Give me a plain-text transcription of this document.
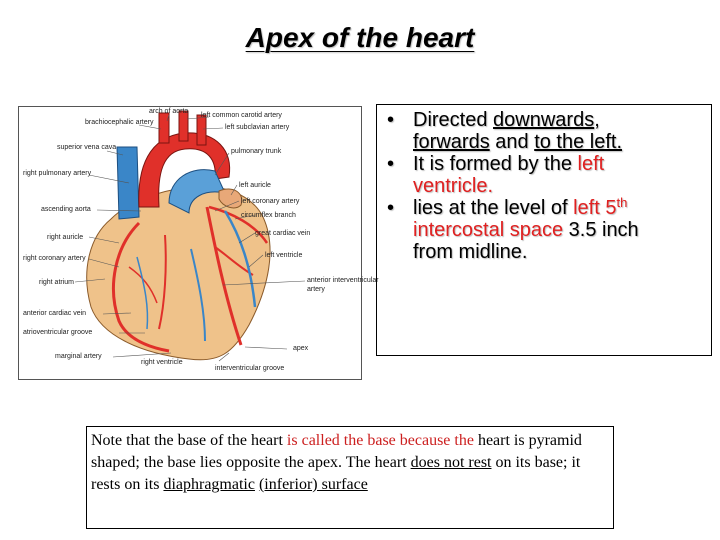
Apex of the heart
arch of aorta
brachiocephalic artery
left common carotid artery
left subclavian artery
superior vena cava
pulmonary trunk
right pulmonary artery
left auricle
ascending aorta
left coronary artery
circumflex branch
right auricle
great cardiac vein
right coronary artery	left ventricle
right atrium	anterior interventricular
artery
anterior cardiac vein
atrioventricular groove
apex
marginal artery
right ventricle
interventricular groove
• Directed downwards,
forwards and to the left.
• It is formed by the left
ventricle.
• lies at the level of left 5th
intercostal space 3.5 inch
from midline.
Note that the base of the heart is called the base because the heart is pyramid shaped; the base lies opposite the apex. The heart does not rest on its base; it rests on its diaphragmatic (inferior) surface
